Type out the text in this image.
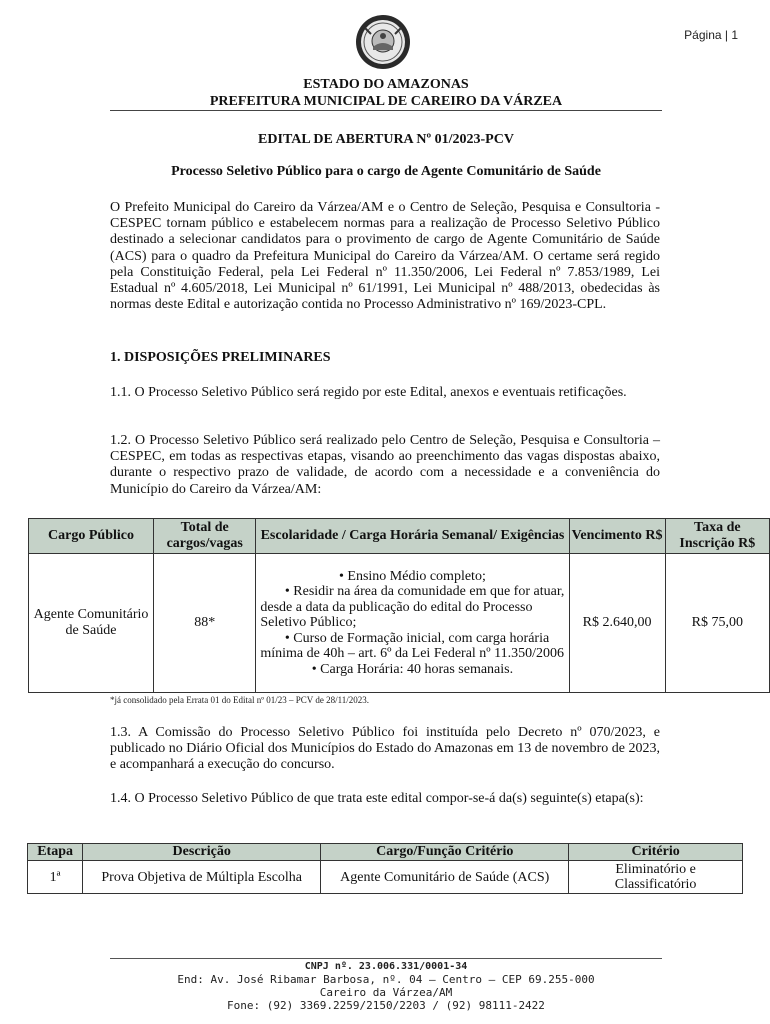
Página | 1
ESTADO DO AMAZONAS
PREFEITURA MUNICIPAL DE CAREIRO DA VÁRZEA
EDITAL DE ABERTURA Nº 01/2023-PCV
Processo Seletivo Público para o cargo de Agente Comunitário de Saúde
O Prefeito Municipal do Careiro da Várzea/AM e o Centro de Seleção, Pesquisa e Consultoria - CESPEC tornam público e estabelecem normas para a realização de Processo Seletivo Público destinado a selecionar candidatos para o provimento de cargo de Agente Comunitário de Saúde (ACS) para o quadro da Prefeitura Municipal do Careiro da Várzea/AM. O certame será regido pela Constituição Federal, pela Lei Federal nº 11.350/2006, Lei Federal nº 7.853/1989, Lei Estadual nº 4.605/2018, Lei Municipal nº 61/1991, Lei Municipal nº 488/2013, obedecidas às normas deste Edital e autorização contida no Processo Administrativo nº 169/2023-CPL.
1. DISPOSIÇÕES PRELIMINARES
1.1. O Processo Seletivo Público será regido por este Edital, anexos e eventuais retificações.
1.2. O Processo Seletivo Público será realizado pelo Centro de Seleção, Pesquisa e Consultoria – CESPEC, em todas as respectivas etapas, visando ao preenchimento das vagas dispostas abaixo, durante o respectivo prazo de validade, de acordo com a necessidade e a conveniência do Município do Careiro da Várzea/AM:
Cargo Público	Total de cargos/vagas	Escolaridade / Carga Horária Semanal/ Exigências	Vencimento R$	Taxa de Inscrição R$
Agente Comunitário de Saúde	88*	• Ensino Médio completo;
• Residir na área da comunidade em que for atuar, desde a data da publicação do edital do Processo Seletivo Público;
• Curso de Formação inicial, com carga horária mínima de 40h – art. 6º da Lei Federal nº 11.350/2006
• Carga Horária: 40 horas semanais.	R$ 2.640,00	R$ 75,00
*já consolidado pela Errata 01 do Edital nº 01/23 – PCV de 28/11/2023.
1.3. A Comissão do Processo Seletivo Público foi instituída pelo Decreto nº 070/2023, e publicado no Diário Oficial dos Municípios do Estado do Amazonas em 13 de novembro de 2023, e acompanhará a execução do concurso.
1.4. O Processo Seletivo Público de que trata este edital compor-se-á da(s) seguinte(s) etapa(s):
Etapa	Descrição	Cargo/Função Critério	Critério
1ª	Prova Objetiva de Múltipla Escolha	Agente Comunitário de Saúde (ACS)	Eliminatório e Classificatório
CNPJ nº. 23.006.331/0001-34
End: Av. José Ribamar Barbosa, nº. 04 – Centro – CEP 69.255-000
Careiro da Várzea/AM
Fone: (92) 3369.2259/2150/2203 / (92) 98111-2422
